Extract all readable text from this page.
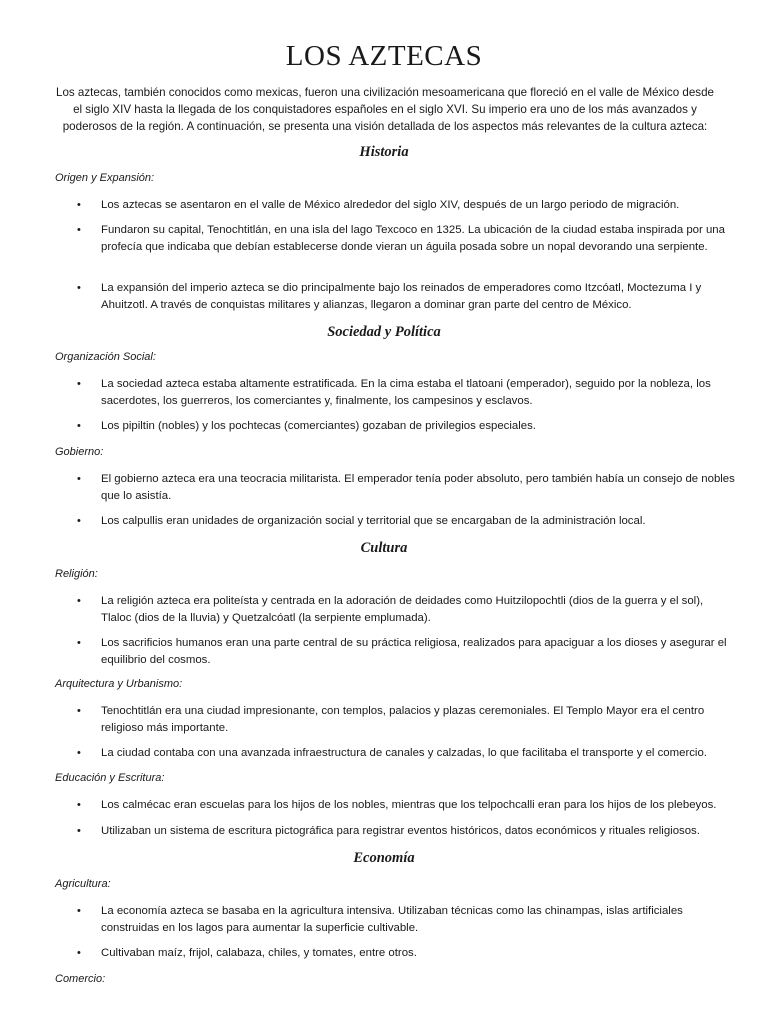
LOS AZTECAS

Los aztecas, también conocidos como mexicas, fueron una civilización mesoamericana que floreció en el valle de México desde el siglo XIV hasta la llegada de los conquistadores españoles en el siglo XVI. Su imperio era uno de los más avanzados y poderosos de la región. A continuación, se presenta una visión detallada de los aspectos más relevantes de la cultura azteca:

Historia

Origen y Expansión:

•	Los aztecas se asentaron en el valle de México alrededor del siglo XIV, después de un largo periodo de migración.
•	Fundaron su capital, Tenochtitlán, en una isla del lago Texcoco en 1325. La ubicación de la ciudad estaba inspirada por una profecía que indicaba que debían establecerse donde vieran un águila posada sobre un nopal devorando una serpiente.
•	La expansión del imperio azteca se dio principalmente bajo los reinados de emperadores como Itzcóatl, Moctezuma I y Ahuitzotl. A través de conquistas militares y alianzas, llegaron a dominar gran parte del centro de México.
Sociedad y Política

Organización Social:

•	La sociedad azteca estaba altamente estratificada. En la cima estaba el tlatoani (emperador), seguido por la nobleza, los sacerdotes, los guerreros, los comerciantes y, finalmente, los campesinos y esclavos.
•	Los pipiltin (nobles) y los pochtecas (comerciantes) gozaban de privilegios especiales.

Gobierno:

•	El gobierno azteca era una teocracia militarista. El emperador tenía poder absoluto, pero también había un consejo de nobles que lo asistía.
•	Los calpullis eran unidades de organización social y territorial que se encargaban de la administración local.
Cultura

Religión:

•	La religión azteca era politeísta y centrada en la adoración de deidades como Huitzilopochtli (dios de la guerra y el sol), Tlaloc (dios de la lluvia) y Quetzalcóatl (la serpiente emplumada).
•	Los sacrificios humanos eran una parte central de su práctica religiosa, realizados para apaciguar a los dioses y asegurar el equilibrio del cosmos.

Arquitectura y Urbanismo:

•	Tenochtitlán era una ciudad impresionante, con templos, palacios y plazas ceremoniales. El Templo Mayor era el centro religioso más importante.
•	La ciudad contaba con una avanzada infraestructura de canales y calzadas, lo que facilitaba el transporte y el comercio.

Educación y Escritura:

•	Los calmécac eran escuelas para los hijos de los nobles, mientras que los telpochcalli eran para los hijos de los plebeyos.
•	Utilizaban un sistema de escritura pictográfica para registrar eventos históricos, datos económicos y rituales religiosos.
Economía

Agricultura:

•	La economía azteca se basaba en la agricultura intensiva. Utilizaban técnicas como las chinampas, islas artificiales construidas en los lagos para aumentar la superficie cultivable.
•	Cultivaban maíz, frijol, calabaza, chiles, y tomates, entre otros.

Comercio:
